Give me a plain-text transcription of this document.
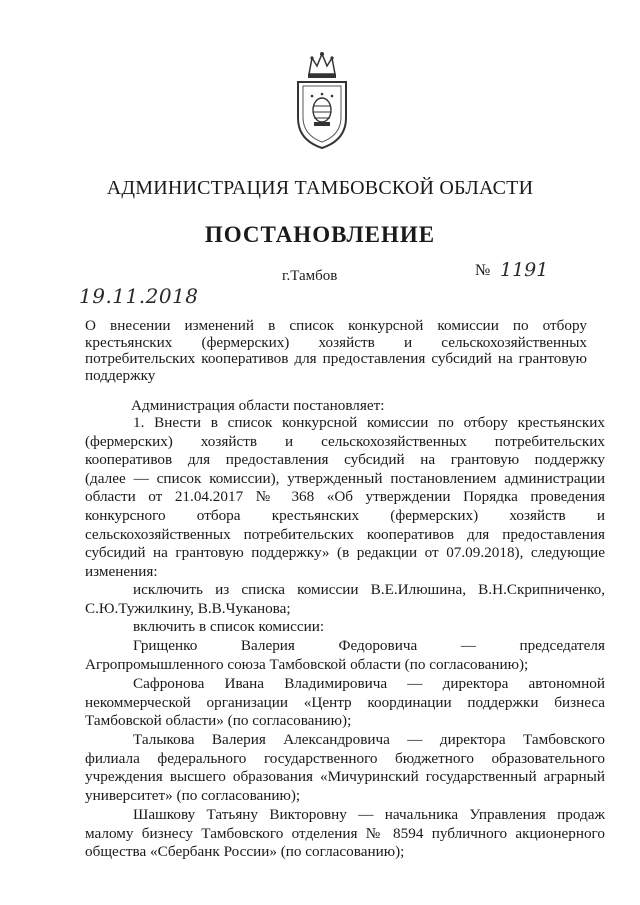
АДМИНИСТРАЦИЯ ТАМБОВСКОЙ ОБЛАСТИ
ПОСТАНОВЛЕНИЕ
г.Тамбов	№ 1191
19.11.2018
О внесении изменений в список конкурсной комиссии по отбору крестьянских (фермерских) хозяйств и сельскохозяйственных потребительских кооперативов для предоставления субсидий на грантовую поддержку
Администрация области постановляет:
1. Внести в список конкурсной комиссии по отбору крестьянских
(фермерских) хозяйств и сельскохозяйственных потребительских
кооперативов для предоставления субсидий на грантовую поддержку
(далее — список комиссии), утвержденный постановлением администрации
области от 21.04.2017 № 368 «Об утверждении Порядка проведения
конкурсного отбора крестьянских (фермерских) хозяйств и
сельскохозяйственных потребительских кооперативов для предоставления
субсидий на грантовую поддержку» (в редакции от 07.09.2018), следующие
изменения:
исключить из списка комиссии В.Е.Илюшина, В.Н.Скрипниченко,
С.Ю.Тужилкину, В.В.Чуканова;
включить в список комиссии:
Грищенко Валерия Федоровича — председателя
Агропромышленного союза Тамбовской области (по согласованию);
Сафронова Ивана Владимировича — директора автономной
некоммерческой организации «Центр координации поддержки бизнеса
Тамбовской области» (по согласованию);
Талыкова Валерия Александровича — директора Тамбовского
филиала федерального государственного бюджетного образовательного
учреждения высшего образования «Мичуринский государственный аграрный
университет» (по согласованию);
Шашкову Татьяну Викторовну — начальника Управления продаж
малому бизнесу Тамбовского отделения № 8594 публичного акционерного
общества «Сбербанк России» (по согласованию);
